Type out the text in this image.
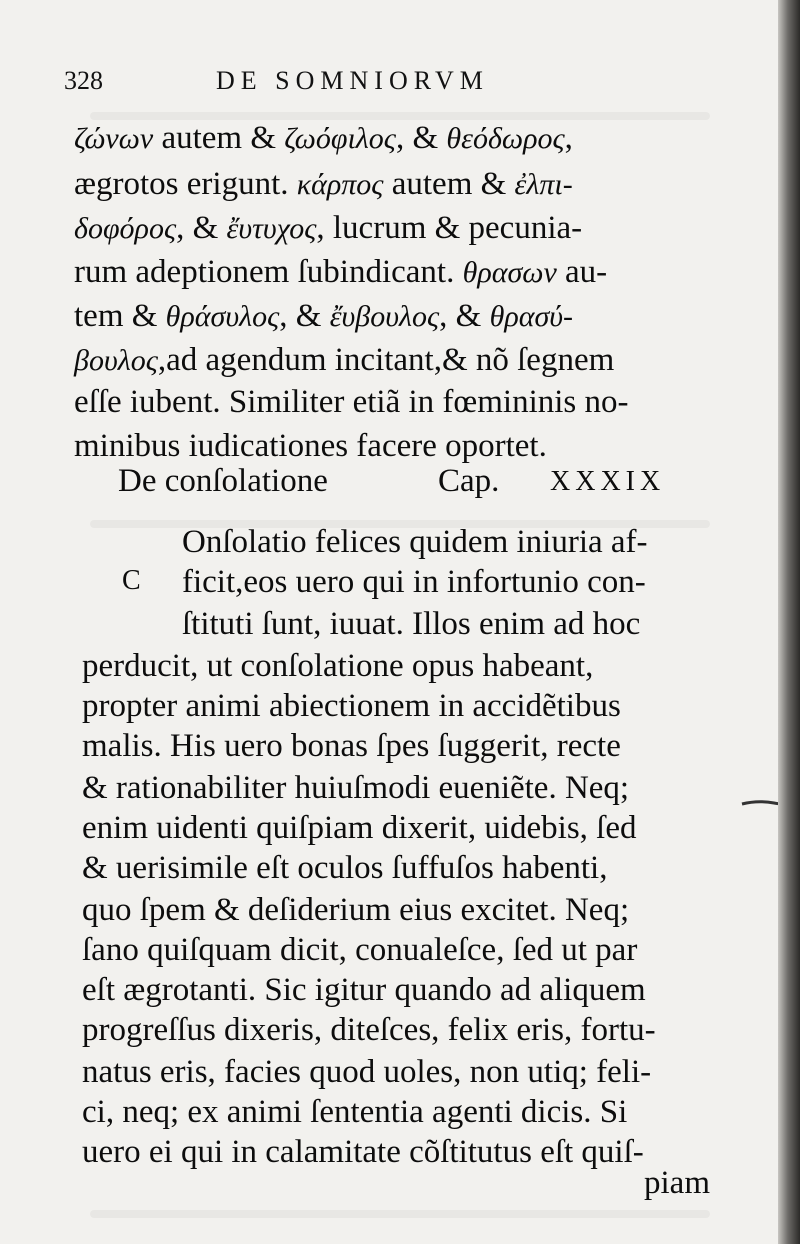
328	DE SOMNIORVM
ζώνων autem & ζωόφιλος, & θεόδωρος,
ægrotos erigunt. κάρπος autem & ἐλπι-
δοφόρος, & ἔυτυχος, lucrum & pecunia-
rum adeptionem ſubindicant. θρασων au-
tem & θράσυλος, & ἔυβουλος, & θρασύ-
βουλος,ad agendum incitant,& nõ ſegnem
eſſe iubent. Similiter etiã in fœmininis no-
minibus iudicationes facere oportet.
De conſolatione	Cap. XXXIX
C
Onſolatio felices quidem iniuria af-
ficit,eos uero qui in infortunio con-
ſtituti ſunt, iuuat. Illos enim ad hoc
perducit, ut conſolatione opus habeant,
propter animi abiectionem in accidẽtibus
malis. His uero bonas ſpes ſuggerit, recte
& rationabiliter huiuſmodi eueniẽte. Neq;
enim uidenti quiſpiam dixerit, uidebis, ſed
& uerisimile eſt oculos ſuffuſos habenti,
quo ſpem & deſiderium eius excitet. Neq;
ſano quiſquam dicit, conualeſce, ſed ut par
eſt ægrotanti. Sic igitur quando ad aliquem
progreſſus dixeris, diteſces, felix eris, fortu-
natus eris, facies quod uoles, non utiq; feli-
ci, neq; ex animi ſententia agenti dicis. Si
uero ei qui in calamitate cõſtitutus eſt quiſ-
piam
